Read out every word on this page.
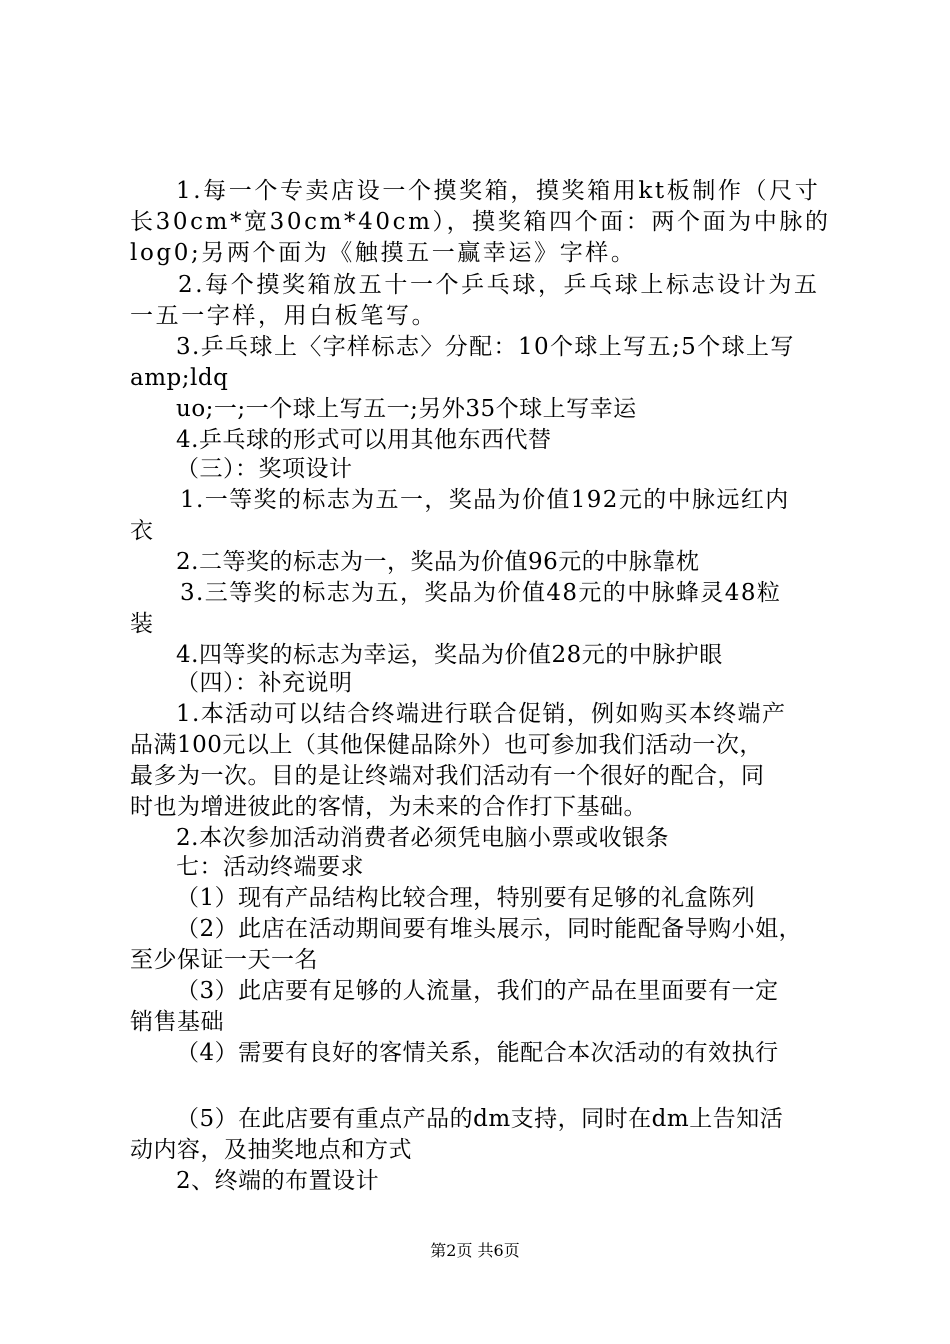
1.每一个专卖店设一个摸奖箱，摸奖箱用kt板制作（尺寸
长30cm*宽30cm*40cm），摸奖箱四个面：两个面为中脉的
log0;另两个面为《触摸五一赢幸运》字样。
2.每个摸奖箱放五十一个乒乓球，乒乓球上标志设计为五
一五一字样，用白板笔写。
3.乒乓球上〈字样标志〉分配：10个球上写五;5个球上写
amp;ldq
uo;一;一个球上写五一;另外35个球上写幸运
4.乒乓球的形式可以用其他东西代替
（三）：奖项设计
1.一等奖的标志为五一，奖品为价值192元的中脉远红内
衣
2.二等奖的标志为一，奖品为价值96元的中脉靠枕
3.三等奖的标志为五，奖品为价值48元的中脉蜂灵48粒
装
4.四等奖的标志为幸运，奖品为价值28元的中脉护眼
（四）：补充说明
1.本活动可以结合终端进行联合促销，例如购买本终端产
品满100元以上（其他保健品除外）也可参加我们活动一次，
最多为一次。目的是让终端对我们活动有一个很好的配合，同
时也为增进彼此的客情，为未来的合作打下基础。
2.本次参加活动消费者必须凭电脑小票或收银条
七：活动终端要求
（1）现有产品结构比较合理，特别要有足够的礼盒陈列
（2）此店在活动期间要有堆头展示，同时能配备导购小姐，
至少保证一天一名
（3）此店要有足够的人流量，我们的产品在里面要有一定
销售基础
（4）需要有良好的客情关系，能配合本次活动的有效执行
（5）在此店要有重点产品的dm支持，同时在dm上告知活
动内容，及抽奖地点和方式
2、终端的布置设计
第2页 共6页
